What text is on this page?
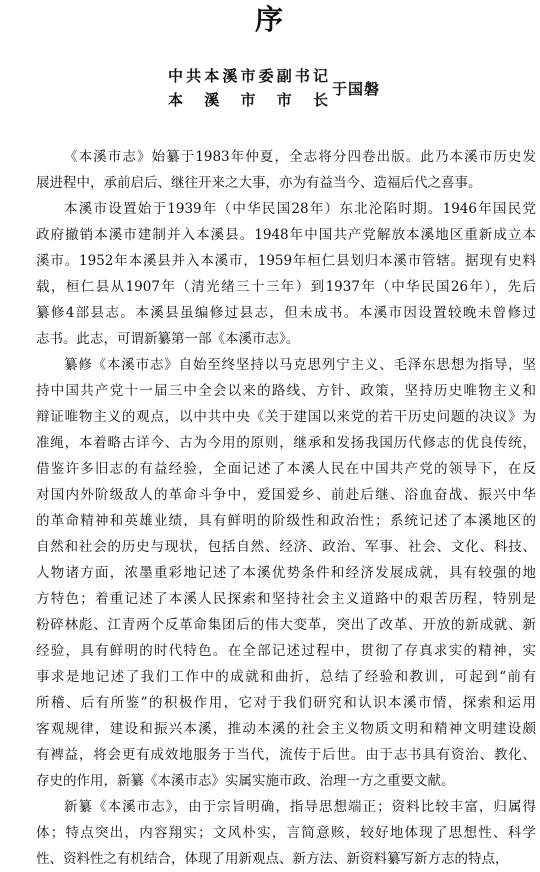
序
中共本溪市委副书记
本 溪 市 市 长
于国磐
《本溪市志》始纂于1983年仲夏，全志将分四卷出版。此乃本溪市历史发
展进程中，承前启后、继往开来之大事，亦为有益当今、造福后代之喜事。
本溪市设置始于1939年（中华民国28年）东北沦陷时期。1946年国民党
政府撤销本溪市建制并入本溪县。1948年中国共产党解放本溪地区重新成立本
溪市。1952年本溪县并入本溪市，1959年桓仁县划归本溪市管辖。据现有史料
载，桓仁县从1907年（清光绪三十三年）到1937年（中华民国26年），先后
纂修4部县志。本溪县虽编修过县志，但未成书。本溪市因设置较晚未曾修过
志书。此志，可谓新纂第一部《本溪市志》。
纂修《本溪市志》自始至终坚持以马克思列宁主义、毛泽东思想为指导，坚
持中国共产党十一届三中全会以来的路线、方针、政策，坚持历史唯物主义和
辩证唯物主义的观点，以中共中央《关于建国以来党的若干历史问题的决议》为
准绳，本着略古详今、古为今用的原则，继承和发扬我国历代修志的优良传统，
借鉴许多旧志的有益经验，全面记述了本溪人民在中国共产党的领导下，在反
对国内外阶级敌人的革命斗争中，爱国爱乡、前赴后继、浴血奋战、振兴中华
的革命精神和英雄业绩，具有鲜明的阶级性和政治性；系统记述了本溪地区的
自然和社会的历史与现状，包括自然、经济、政治、军事、社会、文化、科技、
人物诸方面，浓墨重彩地记述了本溪优势条件和经济发展成就，具有较强的地
方特色；着重记述了本溪人民探索和坚持社会主义道路中的艰苦历程，特别是
粉碎林彪、江青两个反革命集团后的伟大变革，突出了改革、开放的新成就、新
经验，具有鲜明的时代特色。在全部记述过程中，贯彻了存真求实的精神，实
事求是地记述了我们工作中的成就和曲折，总结了经验和教训，可起到“前有
所稽、后有所鉴”的积极作用，它对于我们研究和认识本溪市情，探索和运用
客观规律，建设和振兴本溪，推动本溪的社会主义物质文明和精神文明建设颇
有裨益，将会更有成效地服务于当代，流传于后世。由于志书具有资治、教化、
存史的作用，新纂《本溪市志》实属实施市政、治理一方之重要文献。
新纂《本溪市志》，由于宗旨明确，指导思想端正；资料比较丰富，归属得
体；特点突出，内容翔实；文风朴实，言简意赅，较好地体现了思想性、科学
性、资料性之有机结合，体现了用新观点、新方法、新资料纂写新方志的特点，
